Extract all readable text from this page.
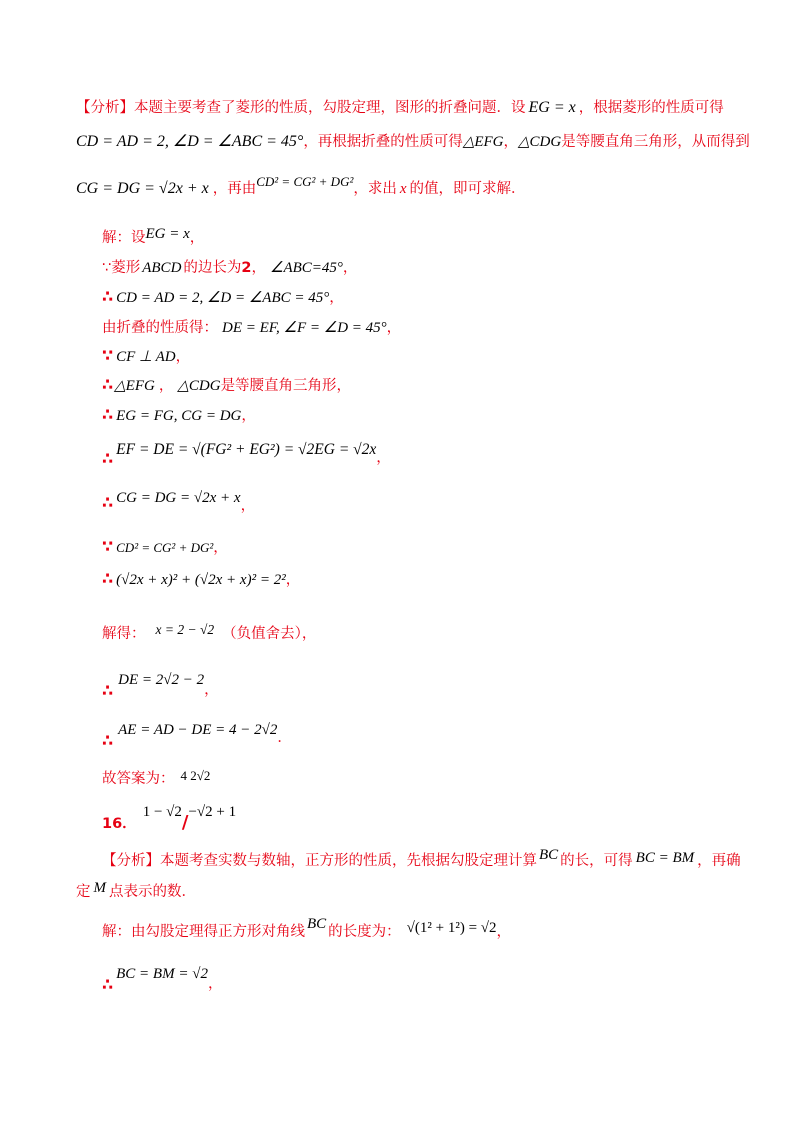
【分析】本题主要考查了菱形的性质，勾股定理，图形的折叠问题．设 EG = x ，根据菱形的性质可得
CD = AD = 2, ∠D = ∠ABC = 45°，再根据折叠的性质可得△EFG，△CDG是等腰直角三角形，从而得到
CG = DG = √2x + x ，再由CD² = CG² + DG²，求出 x 的值，即可求解．
解：设EG = x，
∵菱形 ABCD 的边长为2， ∠ABC=45°，
∴ CD = AD = 2, ∠D = ∠ABC = 45°，
由折叠的性质得： DE = EF, ∠F = ∠D = 45°，
∵ CF ⊥ AD，
∴ △EFG ， △CDG是等腰直角三角形，
∴ EG = FG, CG = DG，
∴ EF = DE = √(FG² + EG²) = √2EG = √2x，
∴ CG = DG = √2x + x，
∵ CD² = CG² + DG²，
∴ (√2x + x)² + (√2x + x)² = 2²，
解得： x = 2 − √2 （负值舍去），
∴DE = 2√2 − 2，
∴AE = AD − DE = 4 − 2√2．
故答案为： 4 2√2
16．1 − √2/−√2 + 1
【分析】本题考查实数与数轴，正方形的性质，先根据勾股定理计算 BC 的长，可得 BC = BM ，再确
定 M 点表示的数．
解：由勾股定理得正方形对角线 BC 的长度为： √(1² + 1²) = √2，
∴BC = BM = √2，
